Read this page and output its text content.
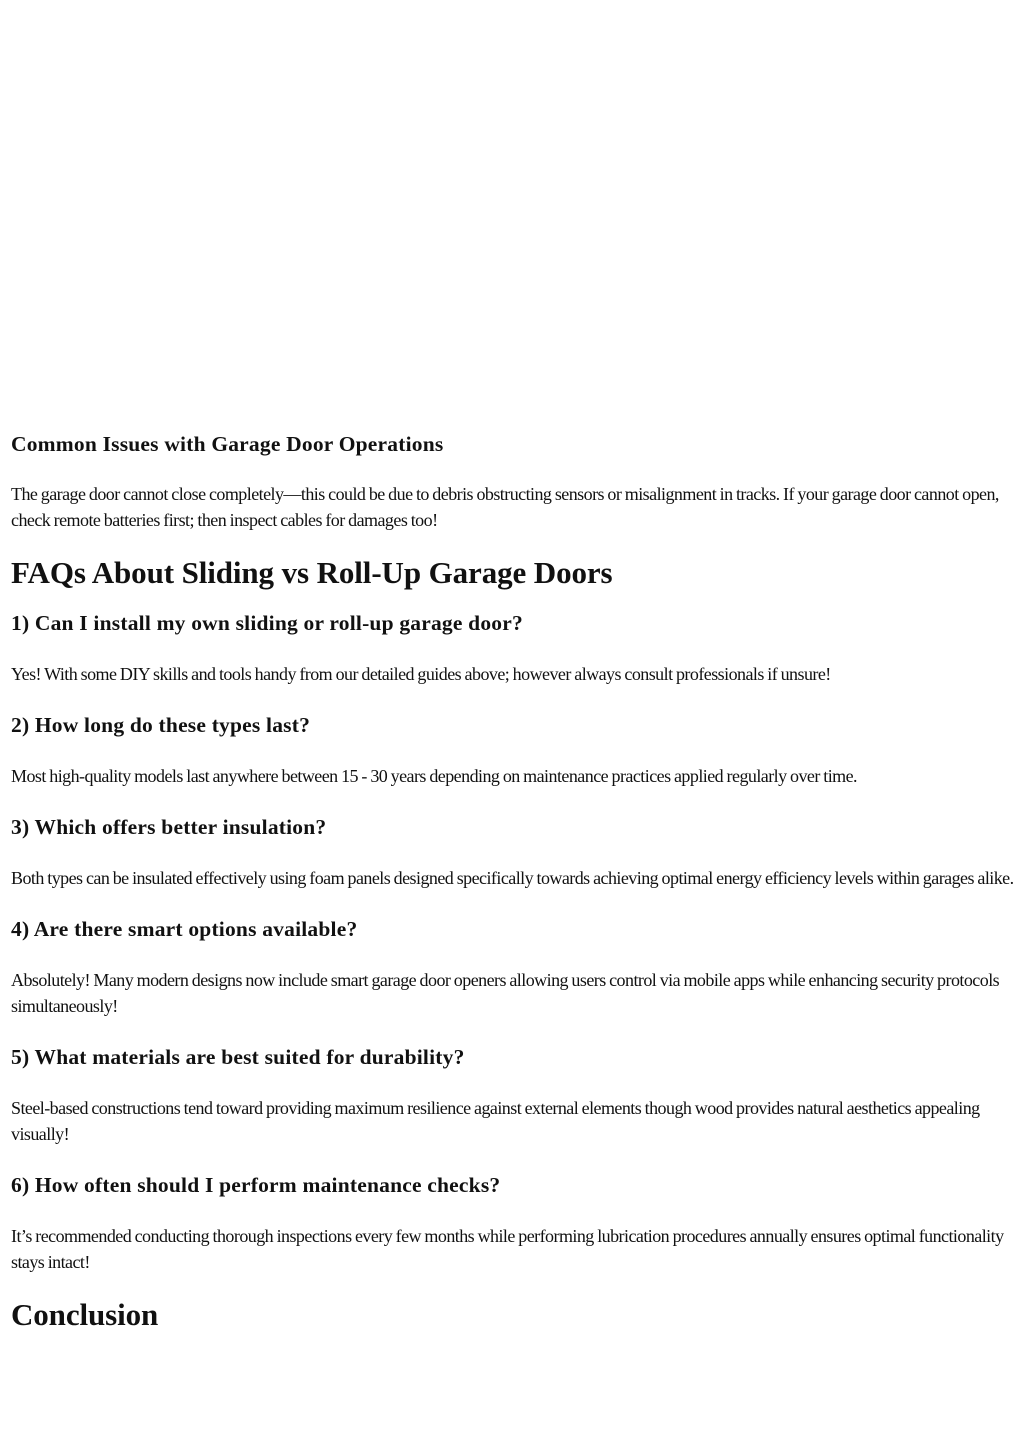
Common Issues with Garage Door Operations

The garage door cannot close completely—this could be due to debris obstructing sensors or misalignment in tracks. If your garage door cannot open, check remote batteries first; then inspect cables for damages too!

FAQs About Sliding vs Roll-Up Garage Doors
1) Can I install my own sliding or roll-up garage door?

Yes! With some DIY skills and tools handy from our detailed guides above; however always consult professionals if unsure!

2) How long do these types last?

Most high-quality models last anywhere between 15 - 30 years depending on maintenance practices applied regularly over time.

3) Which offers better insulation?

Both types can be insulated effectively using foam panels designed specifically towards achieving optimal energy efficiency levels within garages alike.

4) Are there smart options available?

Absolutely! Many modern designs now include smart garage door openers allowing users control via mobile apps while enhancing security protocols simultaneously!

5) What materials are best suited for durability?

Steel-based constructions tend toward providing maximum resilience against external elements though wood provides natural aesthetics appealing visually!

6) How often should I perform maintenance checks?

It’s recommended conducting thorough inspections every few months while performing lubrication procedures annually ensures optimal functionality stays intact!

Conclusion
